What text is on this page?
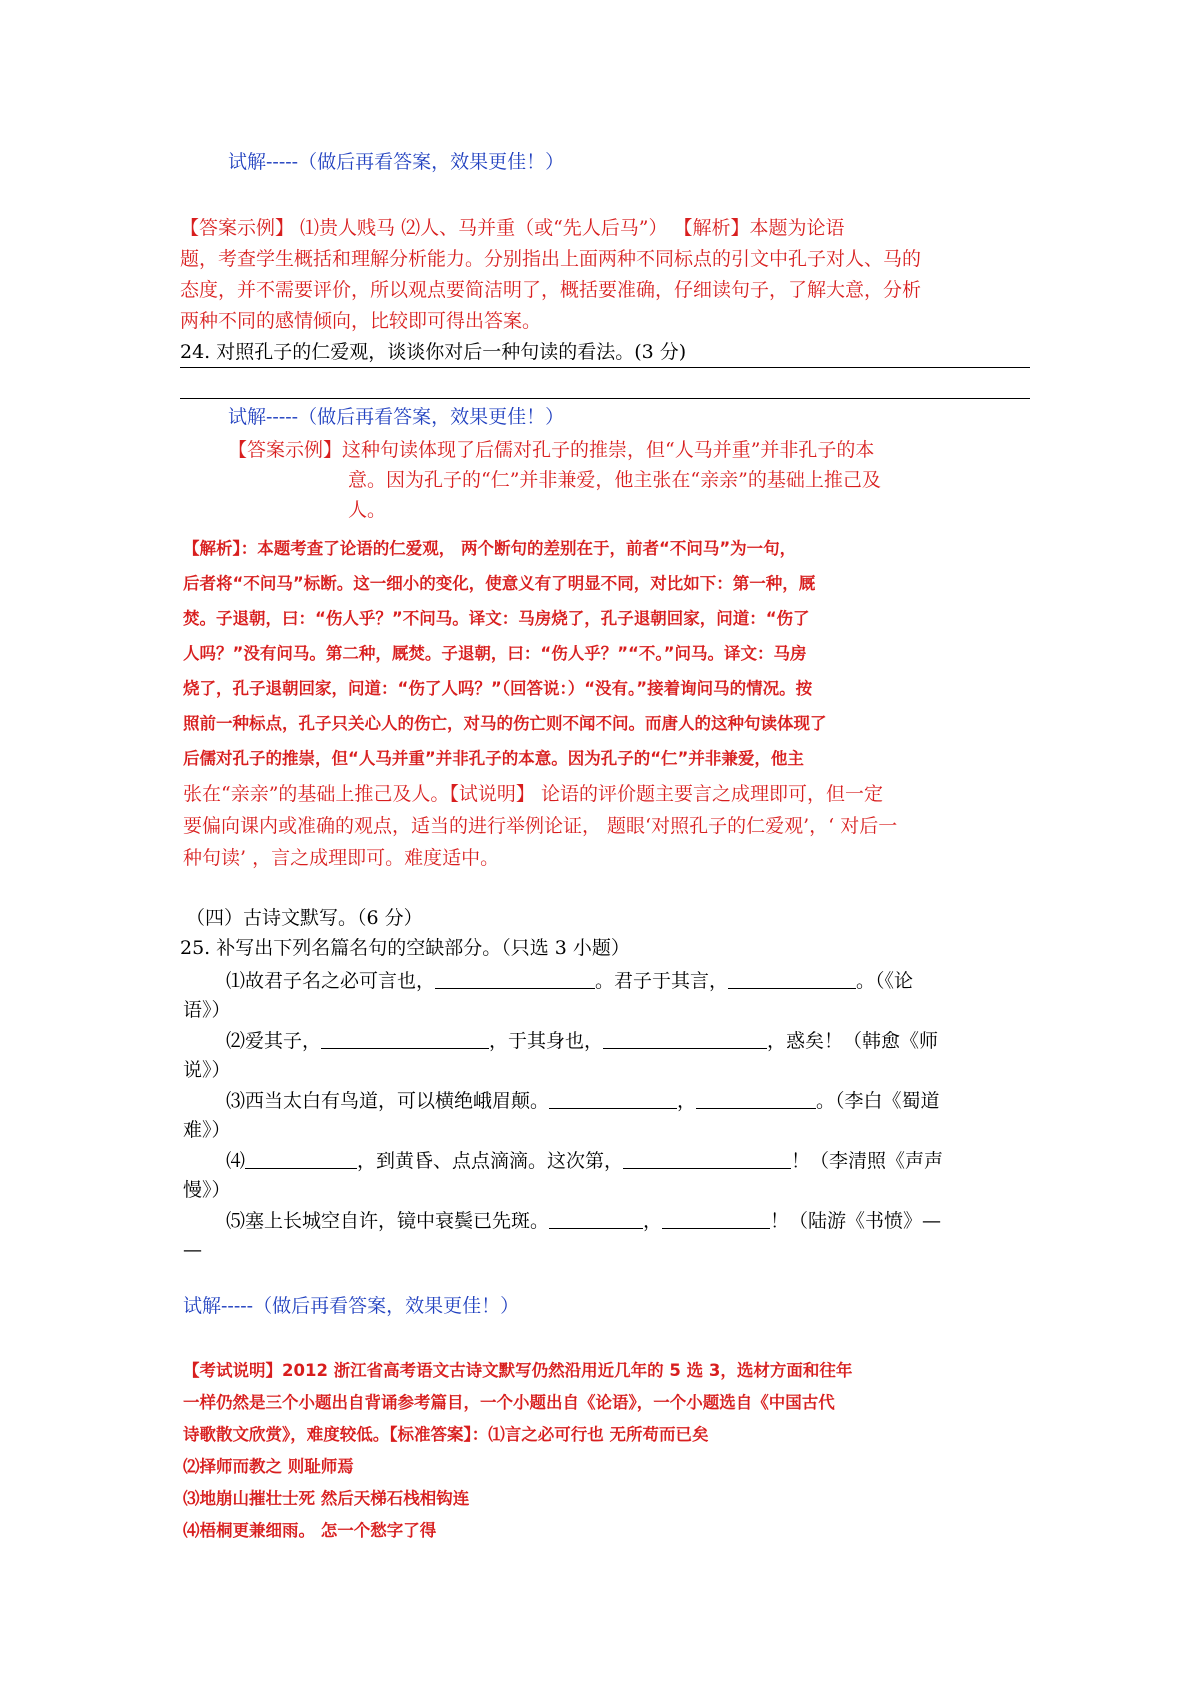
试解-----（做后再看答案，效果更佳！）
【答案示例】 ⑴贵人贱马 ⑵人、马并重（或“先人后马”） 【解析】本题为论语
题，考查学生概括和理解分析能力。分别指出上面两种不同标点的引文中孔子对人、马的
态度，并不需要评价，所以观点要简洁明了，概括要准确，仔细读句子，了解大意，分析
两种不同的感情倾向，比较即可得出答案。
24. 对照孔子的仁爱观，谈谈你对后一种句读的看法。(3 分)
试解-----（做后再看答案，效果更佳！）
【答案示例】这种句读体现了后儒对孔子的推崇，但“人马并重”并非孔子的本
意。因为孔子的“仁”并非兼爱，他主张在“亲亲”的基础上推己及
人。
【解析】：本题考查了论语的仁爱观， 两个断句的差别在于，前者“不问马”为一句，
后者将“不问马”标断。这一细小的变化，使意义有了明显不同，对比如下：第一种，厩
焚。子退朝，曰：“伤人乎？”不问马。译文：马房烧了，孔子退朝回家，问道：“伤了
人吗？”没有问马。第二种，厩焚。子退朝，曰：“伤人乎？”“不。”问马。译文：马房
烧了，孔子退朝回家，问道：“伤了人吗？”（回答说：）“没有。”接着询问马的情况。按
照前一种标点，孔子只关心人的伤亡，对马的伤亡则不闻不问。而唐人的这种句读体现了
后儒对孔子的推崇，但“人马并重”并非孔子的本意。因为孔子的“仁”并非兼爱，他主
张在“亲亲”的基础上推己及人。【试说明】 论语的评价题主要言之成理即可，但一定
要偏向课内或准确的观点，适当的进行举例论证， 题眼‘对照孔子的仁爱观’，‘ 对后一
种句读’ ，言之成理即可。难度适中。
（四）古诗文默写。（6 分）
25. 补写出下列名篇名句的空缺部分。（只选 3 小题）
⑴故君子名之必可言也，	。君子于其言，	。（《论
语》）
⑵爱其子，	，于其身也，	，惑矣！（韩愈《师
说》）
⑶西当太白有鸟道，可以横绝峨眉颠。	，	。（李白《蜀道
难》）
⑷	，到黄昏、点点滴滴。这次第，	！（李清照《声声
慢》）
⑸塞上长城空自许，镜中衰鬓已先斑。	，	！（陆游《书愤》—
—
试解-----（做后再看答案，效果更佳！）
【考试说明】2012 浙江省高考语文古诗文默写仍然沿用近几年的 5 选 3，选材方面和往年
一样仍然是三个小题出自背诵参考篇目，一个小题出自《论语》，一个小题选自《中国古代
诗歌散文欣赏》，难度较低。【标准答案】：⑴言之必可行也 无所苟而已矣
⑵择师而教之 则耻师焉
⑶地崩山摧壮士死 然后天梯石栈相钩连
⑷梧桐更兼细雨。 怎一个愁字了得
